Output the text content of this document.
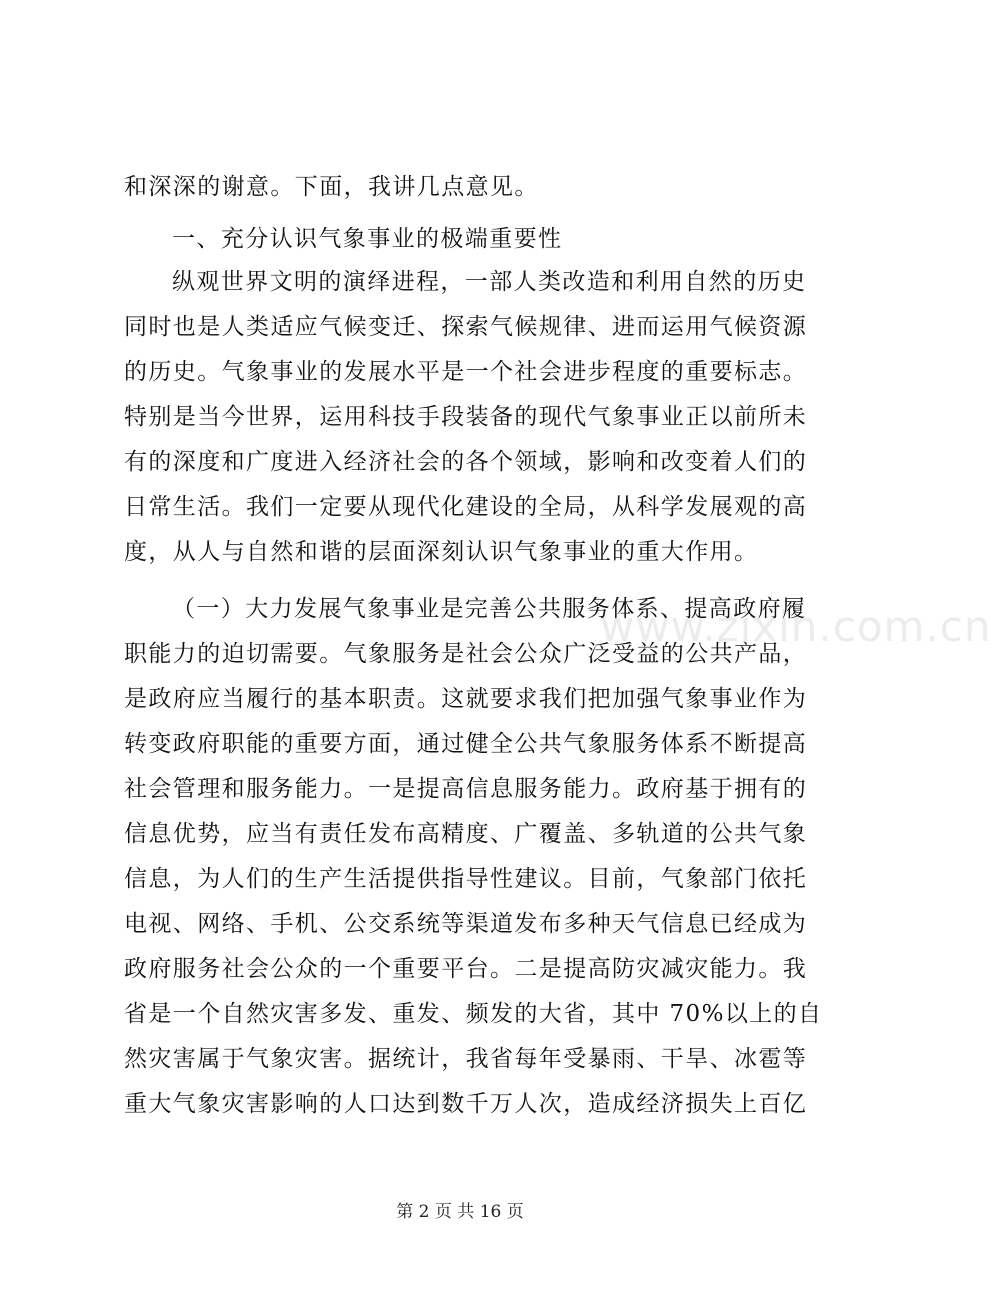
和深深的谢意。下面，我讲几点意见。
一、充分认识气象事业的极端重要性
纵观世界文明的演绎进程，一部人类改造和利用自然的历史
同时也是人类适应气候变迁、探索气候规律、进而运用气候资源
的历史。气象事业的发展水平是一个社会进步程度的重要标志。
特别是当今世界，运用科技手段装备的现代气象事业正以前所未
有的深度和广度进入经济社会的各个领域，影响和改变着人们的
日常生活。我们一定要从现代化建设的全局，从科学发展观的高
度，从人与自然和谐的层面深刻认识气象事业的重大作用。
（一）大力发展气象事业是完善公共服务体系、提高政府履
职能力的迫切需要。气象服务是社会公众广泛受益的公共产品，
是政府应当履行的基本职责。这就要求我们把加强气象事业作为
转变政府职能的重要方面，通过健全公共气象服务体系不断提高
社会管理和服务能力。一是提高信息服务能力。政府基于拥有的
信息优势，应当有责任发布高精度、广覆盖、多轨道的公共气象
信息，为人们的生产生活提供指导性建议。目前，气象部门依托
电视、网络、手机、公交系统等渠道发布多种天气信息已经成为
政府服务社会公众的一个重要平台。二是提高防灾减灾能力。我
省是一个自然灾害多发、重发、频发的大省，其中 70%以上的自
然灾害属于气象灾害。据统计，我省每年受暴雨、干旱、冰雹等
重大气象灾害影响的人口达到数千万人次，造成经济损失上百亿
www.zixin.com.cn
第 2 页 共 16 页
